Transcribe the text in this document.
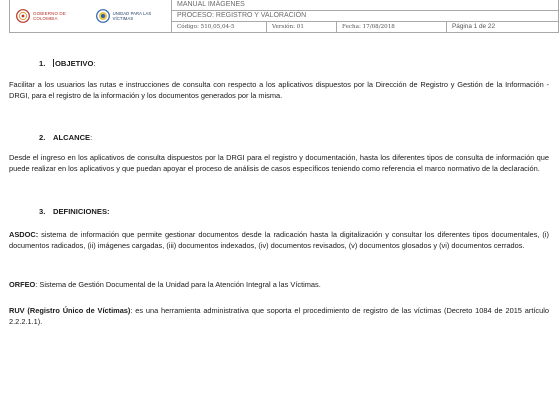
GOBIERNO DE COLOMBIA
UNIDAD PARA LAS VÍCTIMAS
MANUAL IMÁGENES
PROCESO: REGISTRO Y VALORACIÓN
Código: 510,05,04-5	Versión: 01	Fecha: 17/08/2018	Página 1 de 22
1. OBJETIVO:
Facilitar a los usuarios las rutas e instrucciones de consulta con respecto a los aplicativos dispuestos por la Dirección de Registro y Gestión de la Información - DRGI, para el registro de la información y los documentos generados por la misma.
2. ALCANCE:
Desde el ingreso en los aplicativos de consulta dispuestos por la DRGI para el registro y documentación, hasta los diferentes tipos de consulta de información que puede realizar en los aplicativos y que puedan apoyar el proceso de análisis de casos específicos teniendo como referencia el marco normativo de la declaración.
3. DEFINICIONES:
ASDOC: sistema de información que permite gestionar documentos desde la radicación hasta la digitalización y consultar los diferentes tipos documentales, (i) documentos radicados, (ii) imágenes cargadas, (iii) documentos indexados, (iv) documentos revisados, (v) documentos glosados y (vi) documentos cerrados.
ORFEO: Sistema de Gestión Documental de la Unidad para la Atención Integral a las Víctimas.
RUV (Registro Único de Víctimas): es una herramienta administrativa que soporta el procedimiento de registro de las víctimas (Decreto 1084 de 2015 artículo 2.2.2.1.1).
